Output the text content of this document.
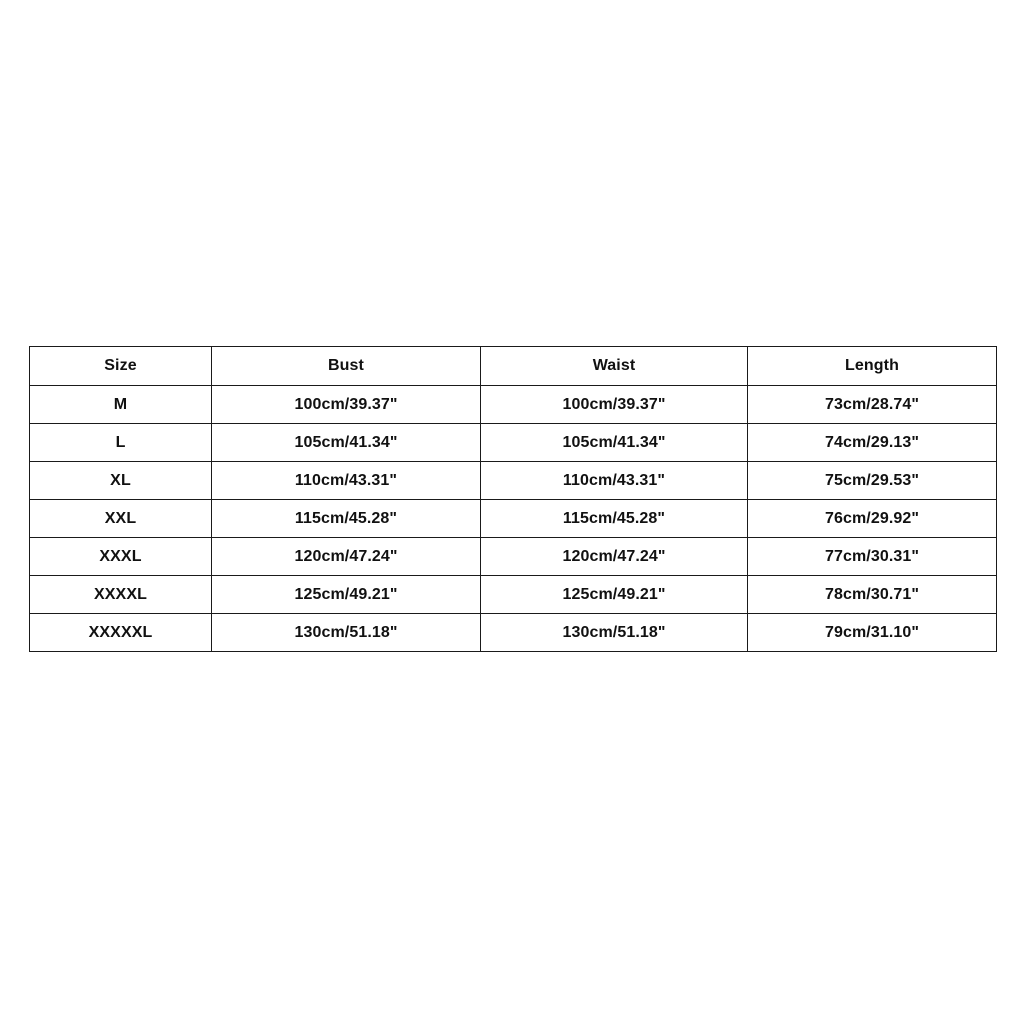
Size	Bust	Waist	Length
M	100cm/39.37"	100cm/39.37"	73cm/28.74"
L	105cm/41.34"	105cm/41.34"	74cm/29.13"
XL	110cm/43.31"	110cm/43.31"	75cm/29.53"
XXL	115cm/45.28"	115cm/45.28"	76cm/29.92"
XXXL	120cm/47.24"	120cm/47.24"	77cm/30.31"
XXXXL	125cm/49.21"	125cm/49.21"	78cm/30.71"
XXXXXL	130cm/51.18"	130cm/51.18"	79cm/31.10"
